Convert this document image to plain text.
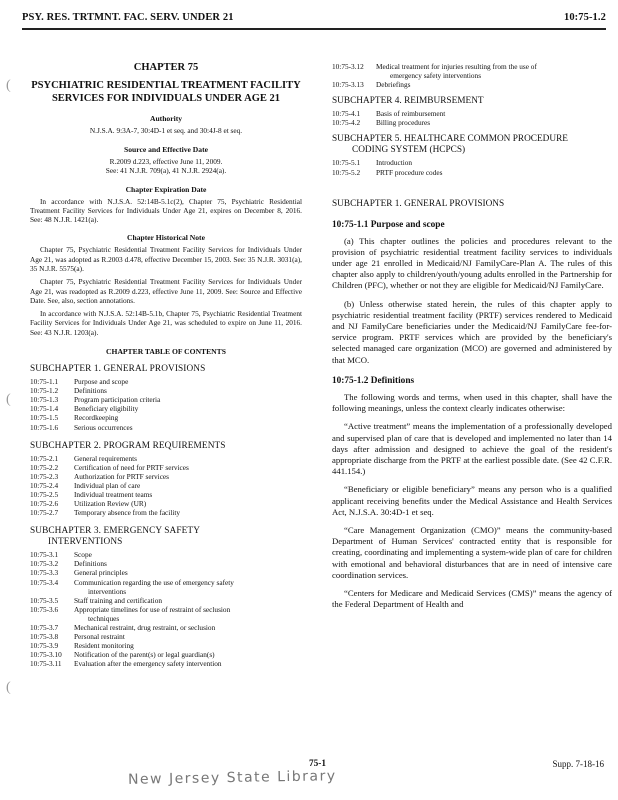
PSY. RES. TRTMNT. FAC. SERV. UNDER 21	10:75-1.2
(
(
(
CHAPTER 75
PSYCHIATRIC RESIDENTIAL TREATMENT FACILITY SERVICES FOR INDIVIDUALS UNDER AGE 21
Authority
N.J.S.A. 9:3A-7, 30:4D-1 et seq. and 30:4J-8 et seq.
Source and Effective Date
R.2009 d.223, effective June 11, 2009.
See: 41 N.J.R. 709(a), 41 N.J.R. 2924(a).
Chapter Expiration Date
In accordance with N.J.S.A. 52:14B-5.1c(2), Chapter 75, Psychiatric Residential Treatment Facility Services for Individuals Under Age 21, expires on December 8, 2016. See: 48 N.J.R. 1421(a).
Chapter Historical Note
Chapter 75, Psychiatric Residential Treatment Facility Services for Individuals Under Age 21, was adopted as R.2003 d.478, effective December 15, 2003. See: 35 N.J.R. 3031(a), 35 N.J.R. 5575(a).
Chapter 75, Psychiatric Residential Treatment Facility Services for Individuals Under Age 21, was readopted as R.2009 d.223, effective June 11, 2009. See: Source and Effective Date. See, also, section annotations.
In accordance with N.J.S.A. 52:14B-5.1b, Chapter 75, Psychiatric Residential Treatment Facility Services for Individuals Under Age 21, was scheduled to expire on June 11, 2016. See: 43 N.J.R. 1203(a).
CHAPTER TABLE OF CONTENTS
SUBCHAPTER 1. GENERAL PROVISIONS
10:75-1.1	Purpose and scope
10:75-1.2	Definitions
10:75-1.3	Program participation criteria
10:75-1.4	Beneficiary eligibility
10:75-1.5	Recordkeeping
10:75-1.6	Serious occurrences
SUBCHAPTER 2. PROGRAM REQUIREMENTS
10:75-2.1	General requirements
10:75-2.2	Certification of need for PRTF services
10:75-2.3	Authorization for PRTF services
10:75-2.4	Individual plan of care
10:75-2.5	Individual treatment teams
10:75-2.6	Utilization Review (UR)
10:75-2.7	Temporary absence from the facility
SUBCHAPTER 3. EMERGENCY SAFETY
INTERVENTIONS
10:75-3.1	Scope
10:75-3.2	Definitions
10:75-3.3	General principles
10:75-3.4	Communication regarding the use of emergency safety
interventions
10:75-3.5	Staff training and certification
10:75-3.6	Appropriate timelines for use of restraint of seclusion
techniques
10:75-3.7	Mechanical restraint, drug restraint, or seclusion
10:75-3.8	Personal restraint
10:75-3.9	Resident monitoring
10:75-3.10	Notification of the parent(s) or legal guardian(s)
10:75-3.11	Evaluation after the emergency safety intervention
10:75-3.12	Medical treatment for injuries resulting from the use of
emergency safety interventions
10:75-3.13	Debriefings
SUBCHAPTER 4. REIMBURSEMENT
10:75-4.1	Basis of reimbursement
10:75-4.2	Billing procedures
SUBCHAPTER 5. HEALTHCARE COMMON PROCEDURE
CODING SYSTEM (HCPCS)
10:75-5.1	Introduction
10:75-5.2	PRTF procedure codes
SUBCHAPTER 1. GENERAL PROVISIONS
10:75-1.1 Purpose and scope

(a) This chapter outlines the policies and procedures relevant to the provision of psychiatric residential treatment facility services to individuals under age 21 enrolled in Medicaid/NJ FamilyCare-Plan A. The rules of this chapter also apply to children/youth/young adults enrolled in the Partnership for Children (PFC), whether or not they are eligible for Medicaid/NJ FamilyCare.

(b) Unless otherwise stated herein, the rules of this chapter apply to psychiatric residential treatment facility (PRTF) services rendered to Medicaid and NJ FamilyCare beneficiaries under the Medicaid/NJ FamilyCare fee-for-service program. PRTF services which are provided by the beneficiary's selected managed care organization (MCO) are governed and administered by that MCO.

10:75-1.2 Definitions

The following words and terms, when used in this chapter, shall have the following meanings, unless the context clearly indicates otherwise:

“Active treatment” means the implementation of a professionally developed and supervised plan of care that is developed and implemented no later than 14 days after admission and designed to achieve the goal of the resident's appropriate discharge from the PRTF at the earliest possible date. (See 42 C.F.R. 441.154.)

“Beneficiary or eligible beneficiary” means any person who is a qualified applicant receiving benefits under the Medical Assistance and Health Services Act, N.J.S.A. 30:4D-1 et seq.

“Care Management Organization (CMO)” means the community-based Department of Human Services' contracted entity that is responsible for creating, coordinating and implementing a system-wide plan of care for children with emotional and behavioral disturbances that are in need of intensive care coordination services.

“Centers for Medicare and Medicaid Services (CMS)” means the agency of the Federal Department of Health and

75-1	Supp. 7-18-16
New Jersey State Library
